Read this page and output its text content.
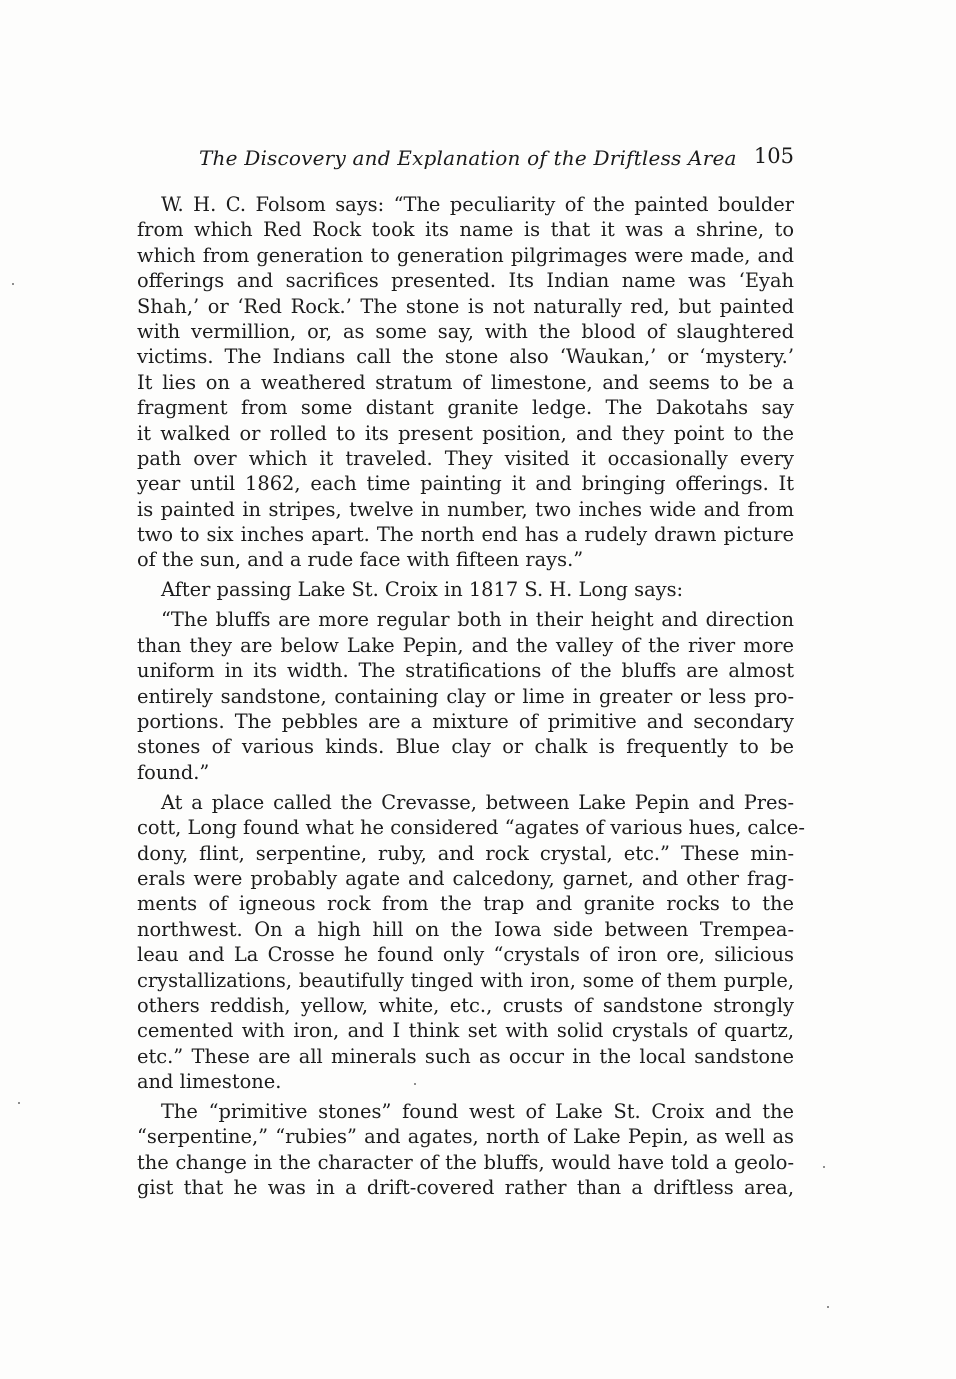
The Discovery and Explanation of the Driftless Area 105
W. H. C. Folsom says: “The peculiarity of the painted boulder
from which Red Rock took its name is that it was a shrine, to
which from generation to generation pilgrimages were made, and
offerings and sacrifices presented. Its Indian name was ‘Eyah
Shah,’ or ‘Red Rock.’ The stone is not naturally red, but painted
with vermillion, or, as some say, with the blood of slaughtered
victims. The Indians call the stone also ‘Waukan,’ or ‘mystery.’
It lies on a weathered stratum of limestone, and seems to be a
fragment from some distant granite ledge. The Dakotahs say
it walked or rolled to its present position, and they point to the
path over which it traveled. They visited it occasionally every
year until 1862, each time painting it and bringing offerings. It
is painted in stripes, twelve in number, two inches wide and from
two to six inches apart. The north end has a rudely drawn picture
of the sun, and a rude face with fifteen rays.”
After passing Lake St. Croix in 1817 S. H. Long says:
“The bluffs are more regular both in their height and direction
than they are below Lake Pepin, and the valley of the river more
uniform in its width. The stratifications of the bluffs are almost
entirely sandstone, containing clay or lime in greater or less pro-
portions. The pebbles are a mixture of primitive and secondary
stones of various kinds. Blue clay or chalk is frequently to be
found.”
At a place called the Crevasse, between Lake Pepin and Pres-
cott, Long found what he considered “agates of various hues, calce-
dony, flint, serpentine, ruby, and rock crystal, etc.” These min-
erals were probably agate and calcedony, garnet, and other frag-
ments of igneous rock from the trap and granite rocks to the
northwest. On a high hill on the Iowa side between Trempea-
leau and La Crosse he found only “crystals of iron ore, silicious
crystallizations, beautifully tinged with iron, some of them purple,
others reddish, yellow, white, etc., crusts of sandstone strongly
cemented with iron, and I think set with solid crystals of quartz,
etc.” These are all minerals such as occur in the local sandstone
and limestone.
The “primitive stones” found west of Lake St. Croix and the
“serpentine,” “rubies” and agates, north of Lake Pepin, as well as
the change in the character of the bluffs, would have told a geolo-
gist that he was in a drift-covered rather than a driftless area,
